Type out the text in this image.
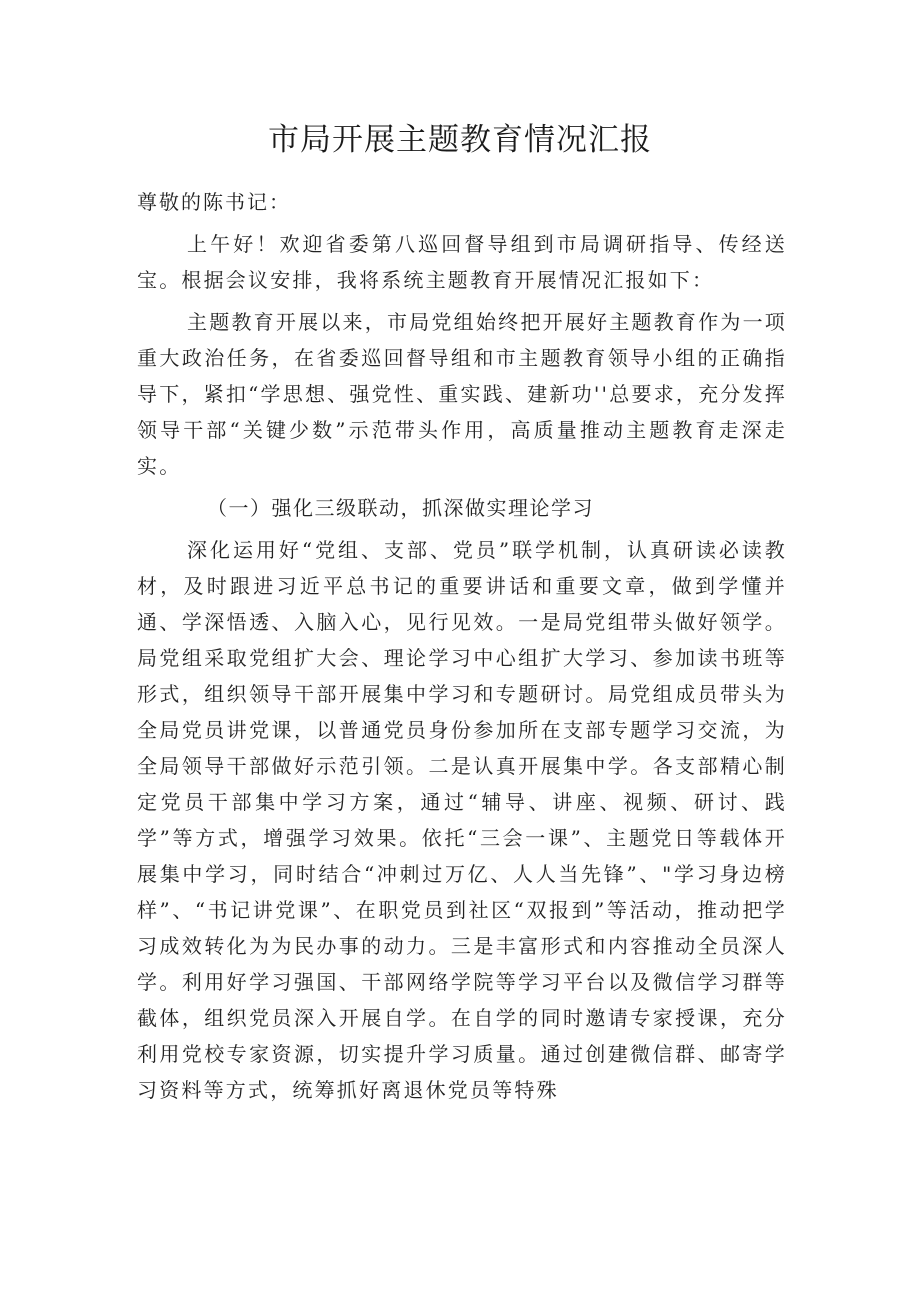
市局开展主题教育情况汇报

尊敬的陈书记：

上午好！欢迎省委第八巡回督导组到市局调研指导、传经送宝。根据会议安排，我将系统主题教育开展情况汇报如下：

主题教育开展以来，市局党组始终把开展好主题教育作为一项重大政治任务，在省委巡回督导组和市主题教育领导小组的正确指导下，紧扣“学思想、强党性、重实践、建新功''总要求，充分发挥领导干部“关键少数”示范带头作用，高质量推动主题教育走深走实。

（一）强化三级联动，抓深做实理论学习

深化运用好“党组、支部、党员”联学机制，认真研读必读教材，及时跟进习近平总书记的重要讲话和重要文章，做到学懂并通、学深悟透、入脑入心，见行见效。一是局党组带头做好领学。局党组采取党组扩大会、理论学习中心组扩大学习、参加读书班等形式，组织领导干部开展集中学习和专题研讨。局党组成员带头为全局党员讲党课，以普通党员身份参加所在支部专题学习交流，为全局领导干部做好示范引领。二是认真开展集中学。各支部精心制定党员干部集中学习方案，通过“辅导、讲座、视频、研讨、践学”等方式，增强学习效果。依托“三会一课”、主题党日等载体开展集中学习，同时结合“冲刺过万亿、人人当先锋”、"学习身边榜样”、“书记讲党课”、在职党员到社区“双报到”等活动，推动把学习成效转化为为民办事的动力。三是丰富形式和内容推动全员深人学。利用好学习强国、干部网络学院等学习平台以及微信学习群等截体，组织党员深入开展自学。在自学的同时邀请专家授课，充分利用党校专家资源，切实提升学习质量。通过创建微信群、邮寄学习资料等方式，统筹抓好离退休党员等特殊
